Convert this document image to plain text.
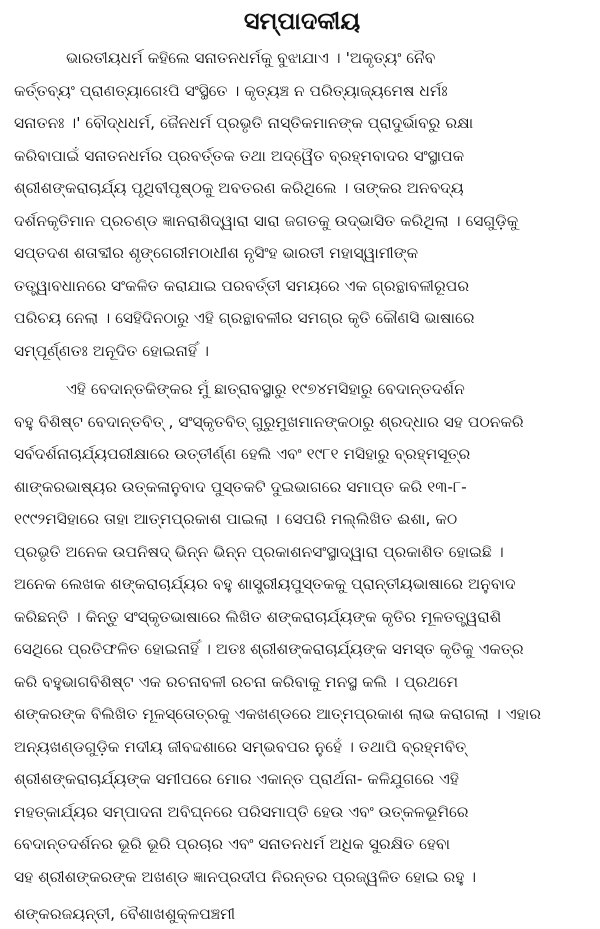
ସମ୍ପାଦକୀୟ
ଭାରତୀୟଧର୍ମ କହିଲେ ସନାତନଧର୍ମକୁ ବୁଝାଯାଏ । 'ଅକୃତ୍ୟଂ ନୈବ
କର୍ତ୍ତବ୍ୟଂ ପ୍ରାଣତ୍ୟାଗେଽପି ସଂସ୍ଥିତେ । କୃତ୍ୟଞ୍ଚ ନ ପରିତ୍ୟାଜ୍ୟମେଷ ଧର୍ମଃ
ସନାତନଃ ।' ବୌଦ୍ଧଧର୍ମ, ଜୈନଧର୍ମ ପ୍ରଭୃତି ନାସ୍ତିକମାନଙ୍କ ପ୍ରାଦୁର୍ଭାବରୁ ରକ୍ଷା
କରିବାପାଇଁ ସନାତନଧର୍ମର ପ୍ରବର୍ତ୍ତକ ତଥା ଅଦ୍ୱୈତ ବ୍ରହ୍ମବାଦର ସଂସ୍ଥାପକ
ଶ୍ରୀଶଙ୍କରାଚାର୍ଯ୍ୟ ପୃଥିବୀପୃଷ୍ଠକୁ ଅବତରଣ କରିଥିଲେ । ତାଙ୍କର ଅନବଦ୍ୟ
ଦର୍ଶନକୃତିମାନ ପ୍ରଚଣ୍ଡ ଜ୍ଞାନରାଶିଦ୍ୱାରା ସାରା ଜଗତକୁ ଉଦ୍ଭାସିତ କରିଥିଲା । ସେଗୁଡ଼ିକୁ
ସପ୍ତଦଶ ଶତାବ୍ଦୀର ଶୃଙ୍ଗେରୀମଠାଧୀଶ ନୃସିଂହ ଭାରତୀ ମହାସ୍ୱାମୀଙ୍କ
ତତ୍ତ୍ୱାବଧାନରେ ସଂକଳିତ କରାଯାଇ ପରବର୍ତ୍ତୀ ସମୟରେ ଏକ ଗ୍ରନ୍ଥାବଳୀରୂପର
ପରିଚୟ ନେଲା । ସେହିଦିନଠାରୁ ଏହି ଗ୍ରନ୍ଥାବଳୀର ସମଗ୍ର କୃତି କୌଣସି ଭାଷାରେ
ସମ୍ପୂର୍ଣ୍ଣତଃ ଅନୂଦିତ ହୋଇନାହିଁ ।
ଏହି ବେଦାନ୍ତକିଙ୍କର ମୁଁ ଛାତ୍ରାବସ୍ଥାରୁ ୧୯୭୪ମସିହାରୁ ବେଦାନ୍ତଦର୍ଶନ
ବହୁ ବିଶିଷ୍ଟ ବେଦାନ୍ତବିତ୍ , ସଂସ୍କୃତବିତ୍ ଗୁରୁମୁଖମାନଙ୍କଠାରୁ ଶ୍ରଦ୍ଧାର ସହ ପଠନକରି
ସର୍ବଦର୍ଶନାଚାର୍ଯ୍ୟପରୀକ୍ଷାରେ ଉତ୍ତୀର୍ଣ୍ଣ ହେଲି ଏବଂ ୧୯୮୧ ମସିହାରୁ ବ୍ରହ୍ମସୂତ୍ର
ଶାଙ୍କରଭାଷ୍ୟର ଉତ୍କଳାନୁବାଦ ପୁସ୍ତକଟି ଦୁଇଭାଗରେ ସମାପ୍ତ କରି ୧୩-୮-
୧୯୯୨ମସିହାରେ ତାହା ଆତ୍ମପ୍ରକାଶ ପାଇଲା । ସେପରି ମଲ୍ଲିଖିତ ଈଶା, କଠ
ପ୍ରଭୃତି ଅନେକ ଉପନିଷଦ୍ ଭିନ୍ନ ଭିନ୍ନ ପ୍ରକାଶନସଂସ୍ଥାଦ୍ୱାରା ପ୍ରକାଶିତ ହୋଇଛି ।
ଅନେକ ଲେଖକ ଶଙ୍କରାଚାର୍ଯ୍ୟର ବହୁ ଶାସ୍ତ୍ରୀୟପୁସ୍ତକକୁ ପ୍ରାନ୍ତୀୟଭାଷାରେ ଅନୁବାଦ
କରିଛନ୍ତି । କିନ୍ତୁ ସଂସ୍କୃତଭାଷାରେ ଲିଖିତ ଶଙ୍କରାଚାର୍ଯ୍ୟଙ୍କ କୃତିର ମୂଳତତ୍ତ୍ୱରାଶି
ସେଥିରେ ପ୍ରତିଫଳିତ ହୋଇନାହିଁ । ଅତଃ ଶ୍ରୀଶଙ୍କରାଚାର୍ଯ୍ୟଙ୍କ ସମସ୍ତ କୃତିକୁ ଏକତ୍ର
କରି ବହୁଭାଗବିଶିଷ୍ଟ ଏକ ରଚନାବଳୀ ରଚନା କରିବାକୁ ମନସ୍ଥ କଲି । ପ୍ରଥମେ
ଶଙ୍କରଙ୍କ ବିଲିଖିତ ମୂଳସ୍ତୋତ୍ରକୁ ଏକଖଣ୍ଡରେ ଆତ୍ମପ୍ରକାଶ ଲାଭ କରାଗଲା । ଏହାର
ଅନ୍ୟଖଣ୍ଡଗୁଡ଼ିକ ମଦୀୟ ଜୀବଦ୍ଦଶାରେ ସମ୍ଭବପର ନୁହେଁ । ତଥାପି ବ୍ରହ୍ମବିତ୍
ଶ୍ରୀଶଙ୍କରାଚାର୍ଯ୍ୟଙ୍କ ସମୀପରେ ମୋର ଏକାନ୍ତ ପ୍ରାର୍ଥନା- କଳିଯୁଗରେ ଏହି
ମହତ୍କାର୍ଯ୍ୟର ସମ୍ପାଦନା ଅବିଘ୍ନରେ ପରିସମାପ୍ତି ହେଉ ଏବଂ ଉତ୍କଳଭୂମିରେ
ବେଦାନ୍ତଦର୍ଶନର ଭୂରି ଭୂରି ପ୍ରଚାର ଏବଂ ସନାତନଧର୍ମ ଅଧିକ ସୁରକ୍ଷିତ ହେବା
ସହ ଶ୍ରୀଶଙ୍କରଙ୍କ ଅଖଣ୍ଡ ଜ୍ଞାନପ୍ରଦୀପ ନିରନ୍ତର ପ୍ରଜ୍ୱଳିତ ହୋଇ ରହୁ ।
ଶଙ୍କରଜୟନ୍ତୀ, ବୈଶାଖଶୁକ୍ଳପଞ୍ଚମୀ
